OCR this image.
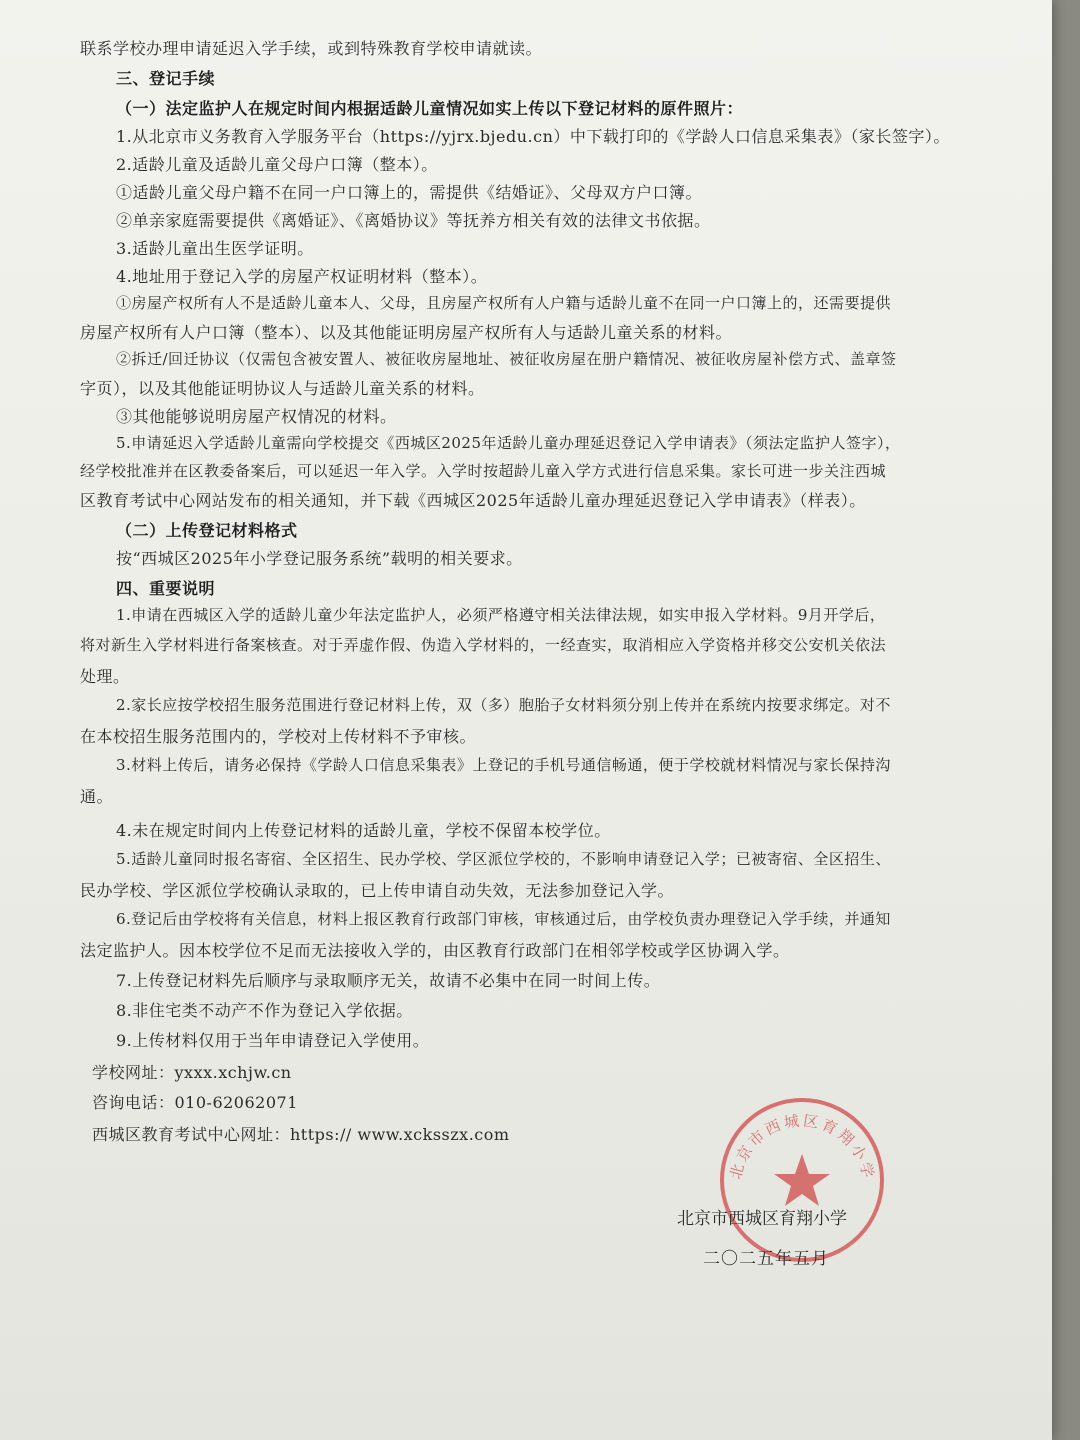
联系学校办理申请延迟入学手续，或到特殊教育学校申请就读。
三、登记手续
（一）法定监护人在规定时间内根据适龄儿童情况如实上传以下登记材料的原件照片：
1.从北京市义务教育入学服务平台（https://yjrx.bjedu.cn）中下载打印的《学龄人口信息采集表》（家长签字）。
2.适龄儿童及适龄儿童父母户口簿（整本）。
①适龄儿童父母户籍不在同一户口簿上的，需提供《结婚证》、父母双方户口簿。
②单亲家庭需要提供《离婚证》、《离婚协议》等抚养方相关有效的法律文书依据。
3.适龄儿童出生医学证明。
4.地址用于登记入学的房屋产权证明材料（整本）。
①房屋产权所有人不是适龄儿童本人、父母，且房屋产权所有人户籍与适龄儿童不在同一户口簿上的，还需要提供
房屋产权所有人户口簿（整本）、以及其他能证明房屋产权所有人与适龄儿童关系的材料。
②拆迁/回迁协议（仅需包含被安置人、被征收房屋地址、被征收房屋在册户籍情况、被征收房屋补偿方式、盖章签
字页），以及其他能证明协议人与适龄儿童关系的材料。
③其他能够说明房屋产权情况的材料。
5.申请延迟入学适龄儿童需向学校提交《西城区2025年适龄儿童办理延迟登记入学申请表》（须法定监护人签字），
经学校批准并在区教委备案后，可以延迟一年入学。入学时按超龄儿童入学方式进行信息采集。家长可进一步关注西城
区教育考试中心网站发布的相关通知，并下载《西城区2025年适龄儿童办理延迟登记入学申请表》（样表）。
（二）上传登记材料格式
按“西城区2025年小学登记服务系统”载明的相关要求。
四、重要说明
1.申请在西城区入学的适龄儿童少年法定监护人，必须严格遵守相关法律法规，如实申报入学材料。9月开学后，
将对新生入学材料进行备案核查。对于弄虚作假、伪造入学材料的，一经查实，取消相应入学资格并移交公安机关依法
处理。
2.家长应按学校招生服务范围进行登记材料上传，双（多）胞胎子女材料须分别上传并在系统内按要求绑定。对不
在本校招生服务范围内的，学校对上传材料不予审核。
3.材料上传后，请务必保持《学龄人口信息采集表》上登记的手机号通信畅通，便于学校就材料情况与家长保持沟
通。
4.未在规定时间内上传登记材料的适龄儿童，学校不保留本校学位。
5.适龄儿童同时报名寄宿、全区招生、民办学校、学区派位学校的，不影响申请登记入学；已被寄宿、全区招生、
民办学校、学区派位学校确认录取的，已上传申请自动失效，无法参加登记入学。
6.登记后由学校将有关信息，材料上报区教育行政部门审核，审核通过后，由学校负责办理登记入学手续，并通知
法定监护人。因本校学位不足而无法接收入学的，由区教育行政部门在相邻学校或学区协调入学。
7.上传登记材料先后顺序与录取顺序无关，故请不必集中在同一时间上传。
8.非住宅类不动产不作为登记入学依据。
9.上传材料仅用于当年申请登记入学使用。
学校网址：yxxx.xchjw.cn
咨询电话：010-62062071
西城区教育考试中心网址：https:// www.xcksszx.com
北京市西城区育翔小学
北京市西城区育翔小学
二〇二五年五月
